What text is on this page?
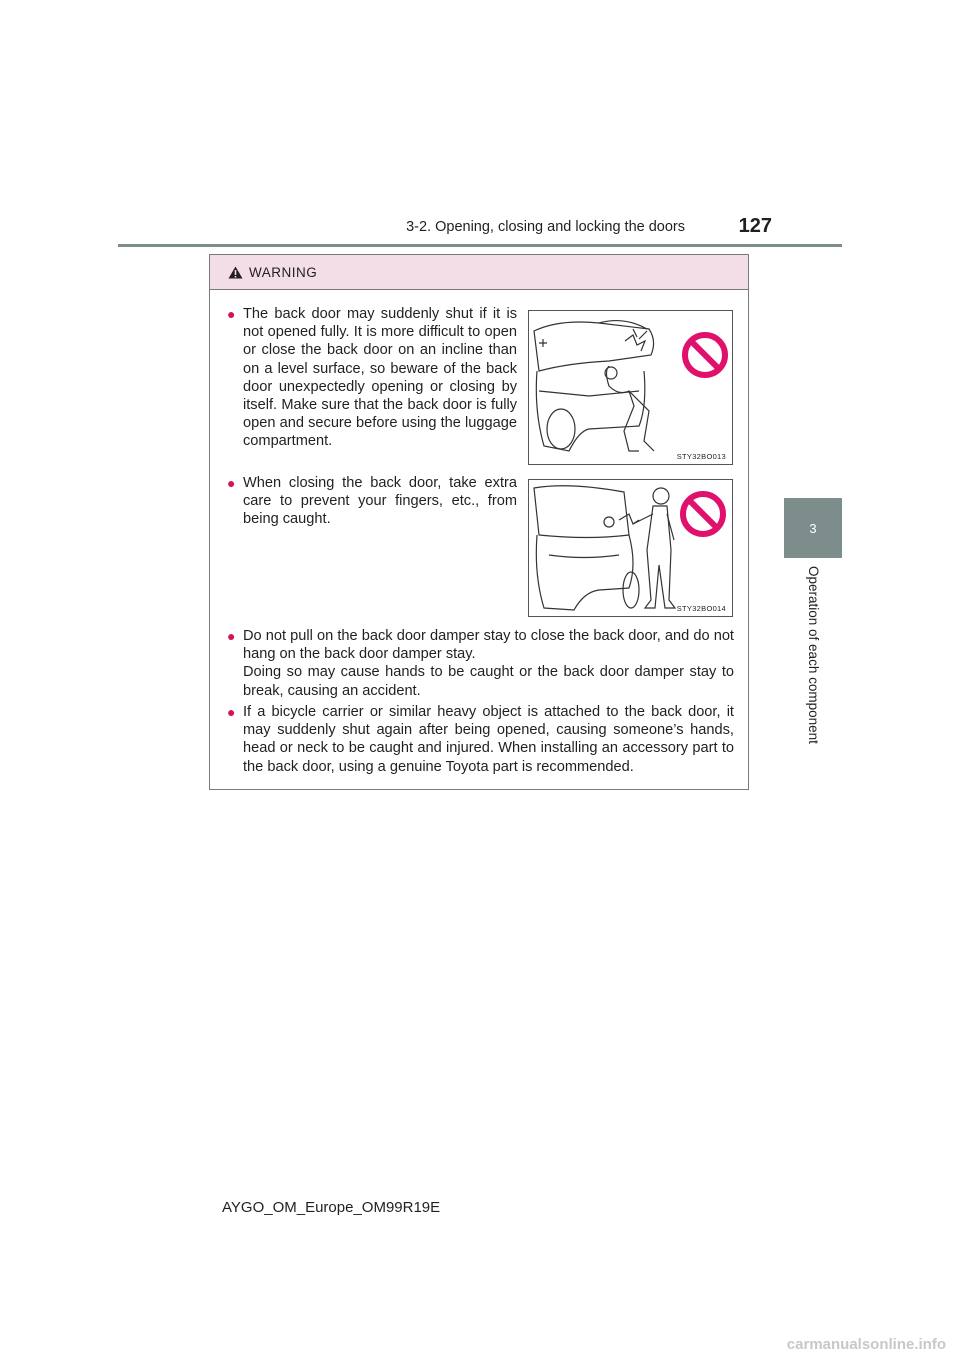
3-2. Opening, closing and locking the doors	127
3
Operation of each component
WARNING
● The back door may suddenly shut if it is not opened fully. It is more difficult to open or close the back door on an incline than on a level surface, so beware of the back door unexpectedly opening or closing by itself. Make sure that the back door is fully open and secure before using the luggage compartment.

STY32BO013
● When closing the back door, take extra care to prevent your fingers, etc., from being caught.

STY32BO014
● Do not pull on the back door damper stay to close the back door, and do not hang on the back door damper stay.

Doing so may cause hands to be caught or the back door damper stay to break, causing an accident.

● If a bicycle carrier or similar heavy object is attached to the back door, it may suddenly shut again after being opened, causing someone’s hands, head or neck to be caught and injured. When installing an accessory part to the back door, using a genuine Toyota part is recommended.

AYGO_OM_Europe_OM99R19E
carmanualsonline.info
